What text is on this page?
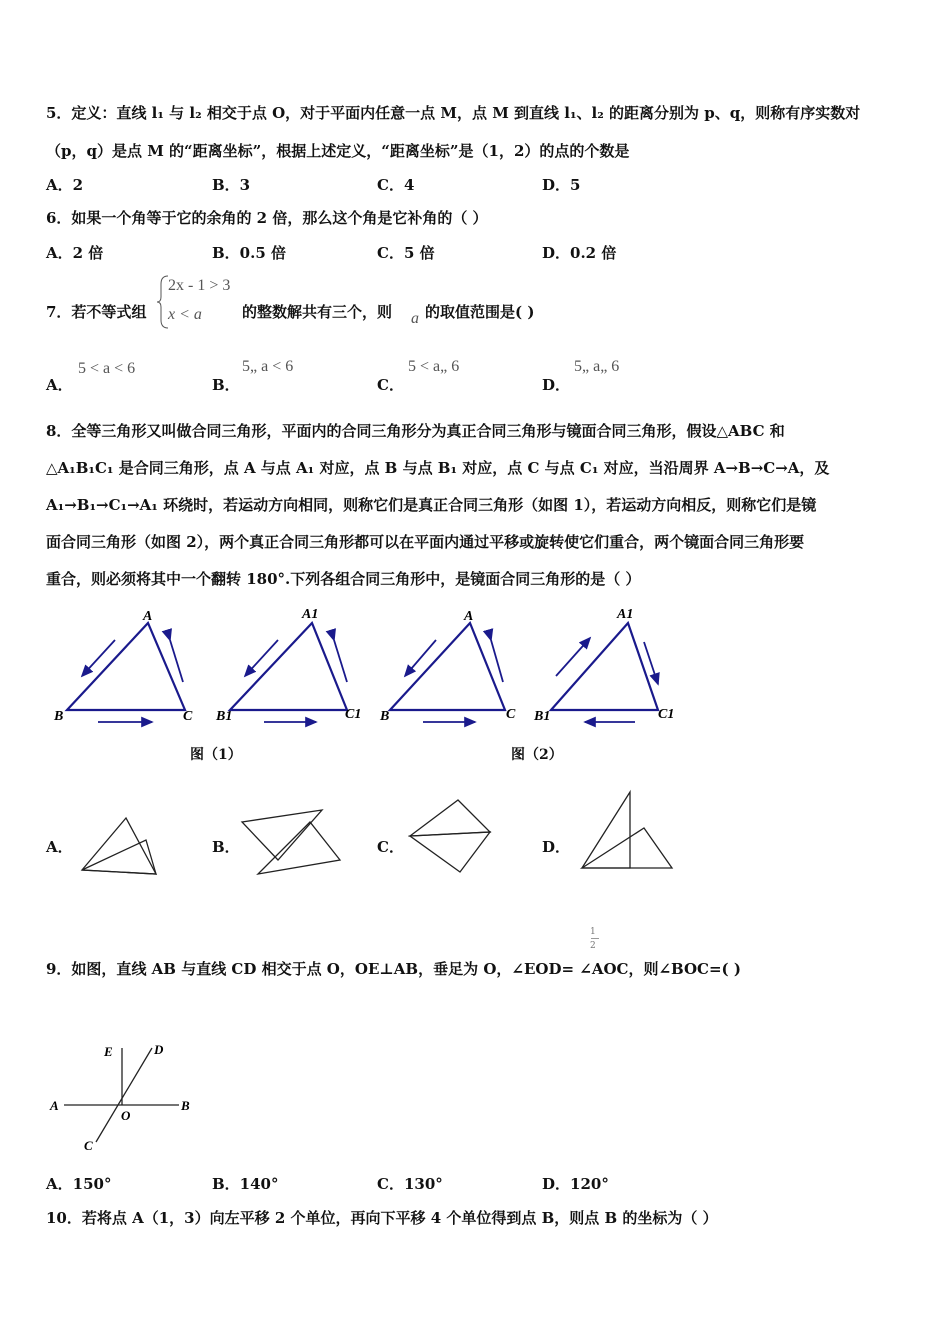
5．定义：直线 l₁ 与 l₂ 相交于点 O，对于平面内任意一点 M，点 M 到直线 l₁、l₂ 的距离分别为 p、q，则称有序实数对
（p，q）是点 M 的“距离坐标”，根据上述定义，“距离坐标”是（1，2）的点的个数是
A．2	B．3	C．4	D．5
6．如果一个角等于它的余角的 2 倍，那么这个角是它补角的（ ）
A．2 倍	B．0.5 倍	C．5 倍	D．0.2 倍
7．若不等式组
2x - 1 > 3
x < a	的整数解共有三个，则 a 的取值范围是( )
A．
5 < a < 6
B．
5„ a < 6
C．
5 < a„ 6
D．
5„ a„ 6
8．全等三角形又叫做合同三角形，平面内的合同三角形分为真正合同三角形与镜面合同三角形，假设△ABC 和
△A₁B₁C₁ 是合同三角形，点 A 与点 A₁ 对应，点 B 与点 B₁ 对应，点 C 与点 C₁ 对应，当沿周界 A→B→C→A，及
A₁→B₁→C₁→A₁ 环绕时，若运动方向相同，则称它们是真正合同三角形（如图 1），若运动方向相反，则称它们是镜
面合同三角形（如图 2），两个真正合同三角形都可以在平面内通过平移或旋转使它们重合，两个镜面合同三角形要
重合，则必须将其中一个翻转 180°.下列各组合同三角形中，是镜面合同三角形的是（ ）
A
B	C
A1
B1	C1
A
B	C
A1
B1	C1
图（1）	图（2）
A．	B．	C．	D．
1
2
9．如图，直线 AB 与直线 CD 相交于点 O，OE⊥AB，垂足为 O，∠EOD= ∠AOC，则∠BOC=( )
E	D
A
O
B
C
A．150°	B．140°	C．130°	D．120°
10．若将点 A（1，3）向左平移 2 个单位，再向下平移 4 个单位得到点 B，则点 B 的坐标为（ ）
